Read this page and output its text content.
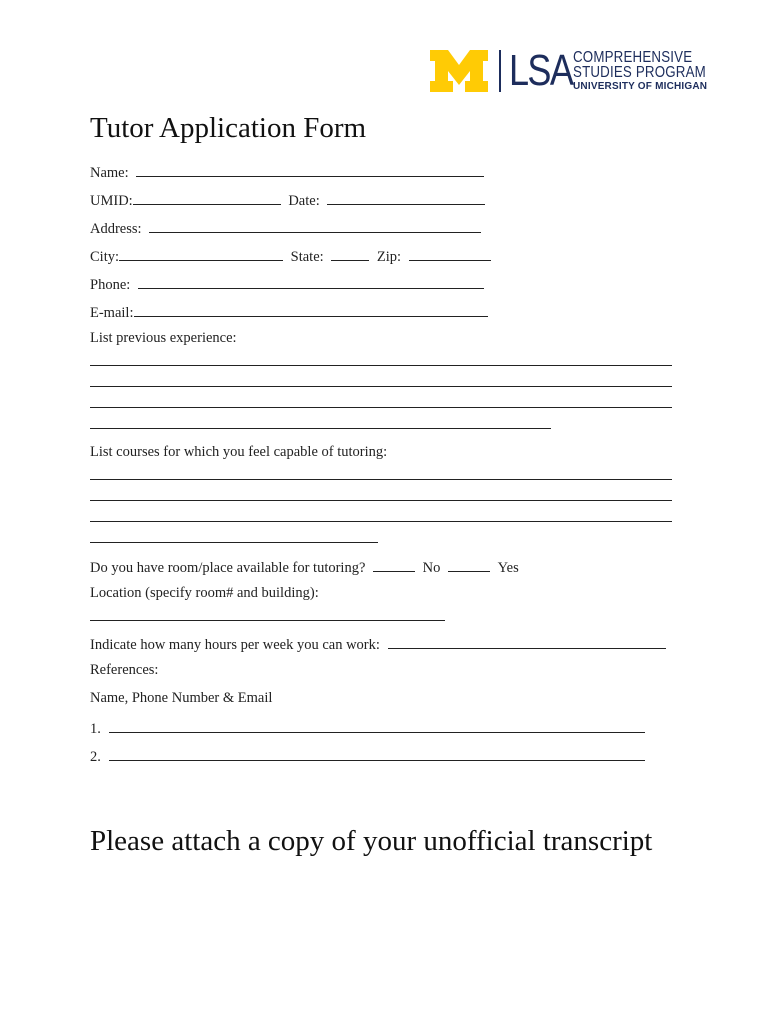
LSA COMPREHENSIVE
STUDIES PROGRAM
UNIVERSITY OF MICHIGAN
Tutor Application Form
Name:
UMID:	Date:
Address:
City:	State:	Zip:
Phone:
E-mail:
List previous experience:
List courses for which you feel capable of tutoring:
Do you have room/place available for tutoring?	No	Yes
Location (specify room# and building):
Indicate how many hours per week you can work:
References:
Name, Phone Number & Email
1.
2.
Please attach a copy of your unofficial transcript
